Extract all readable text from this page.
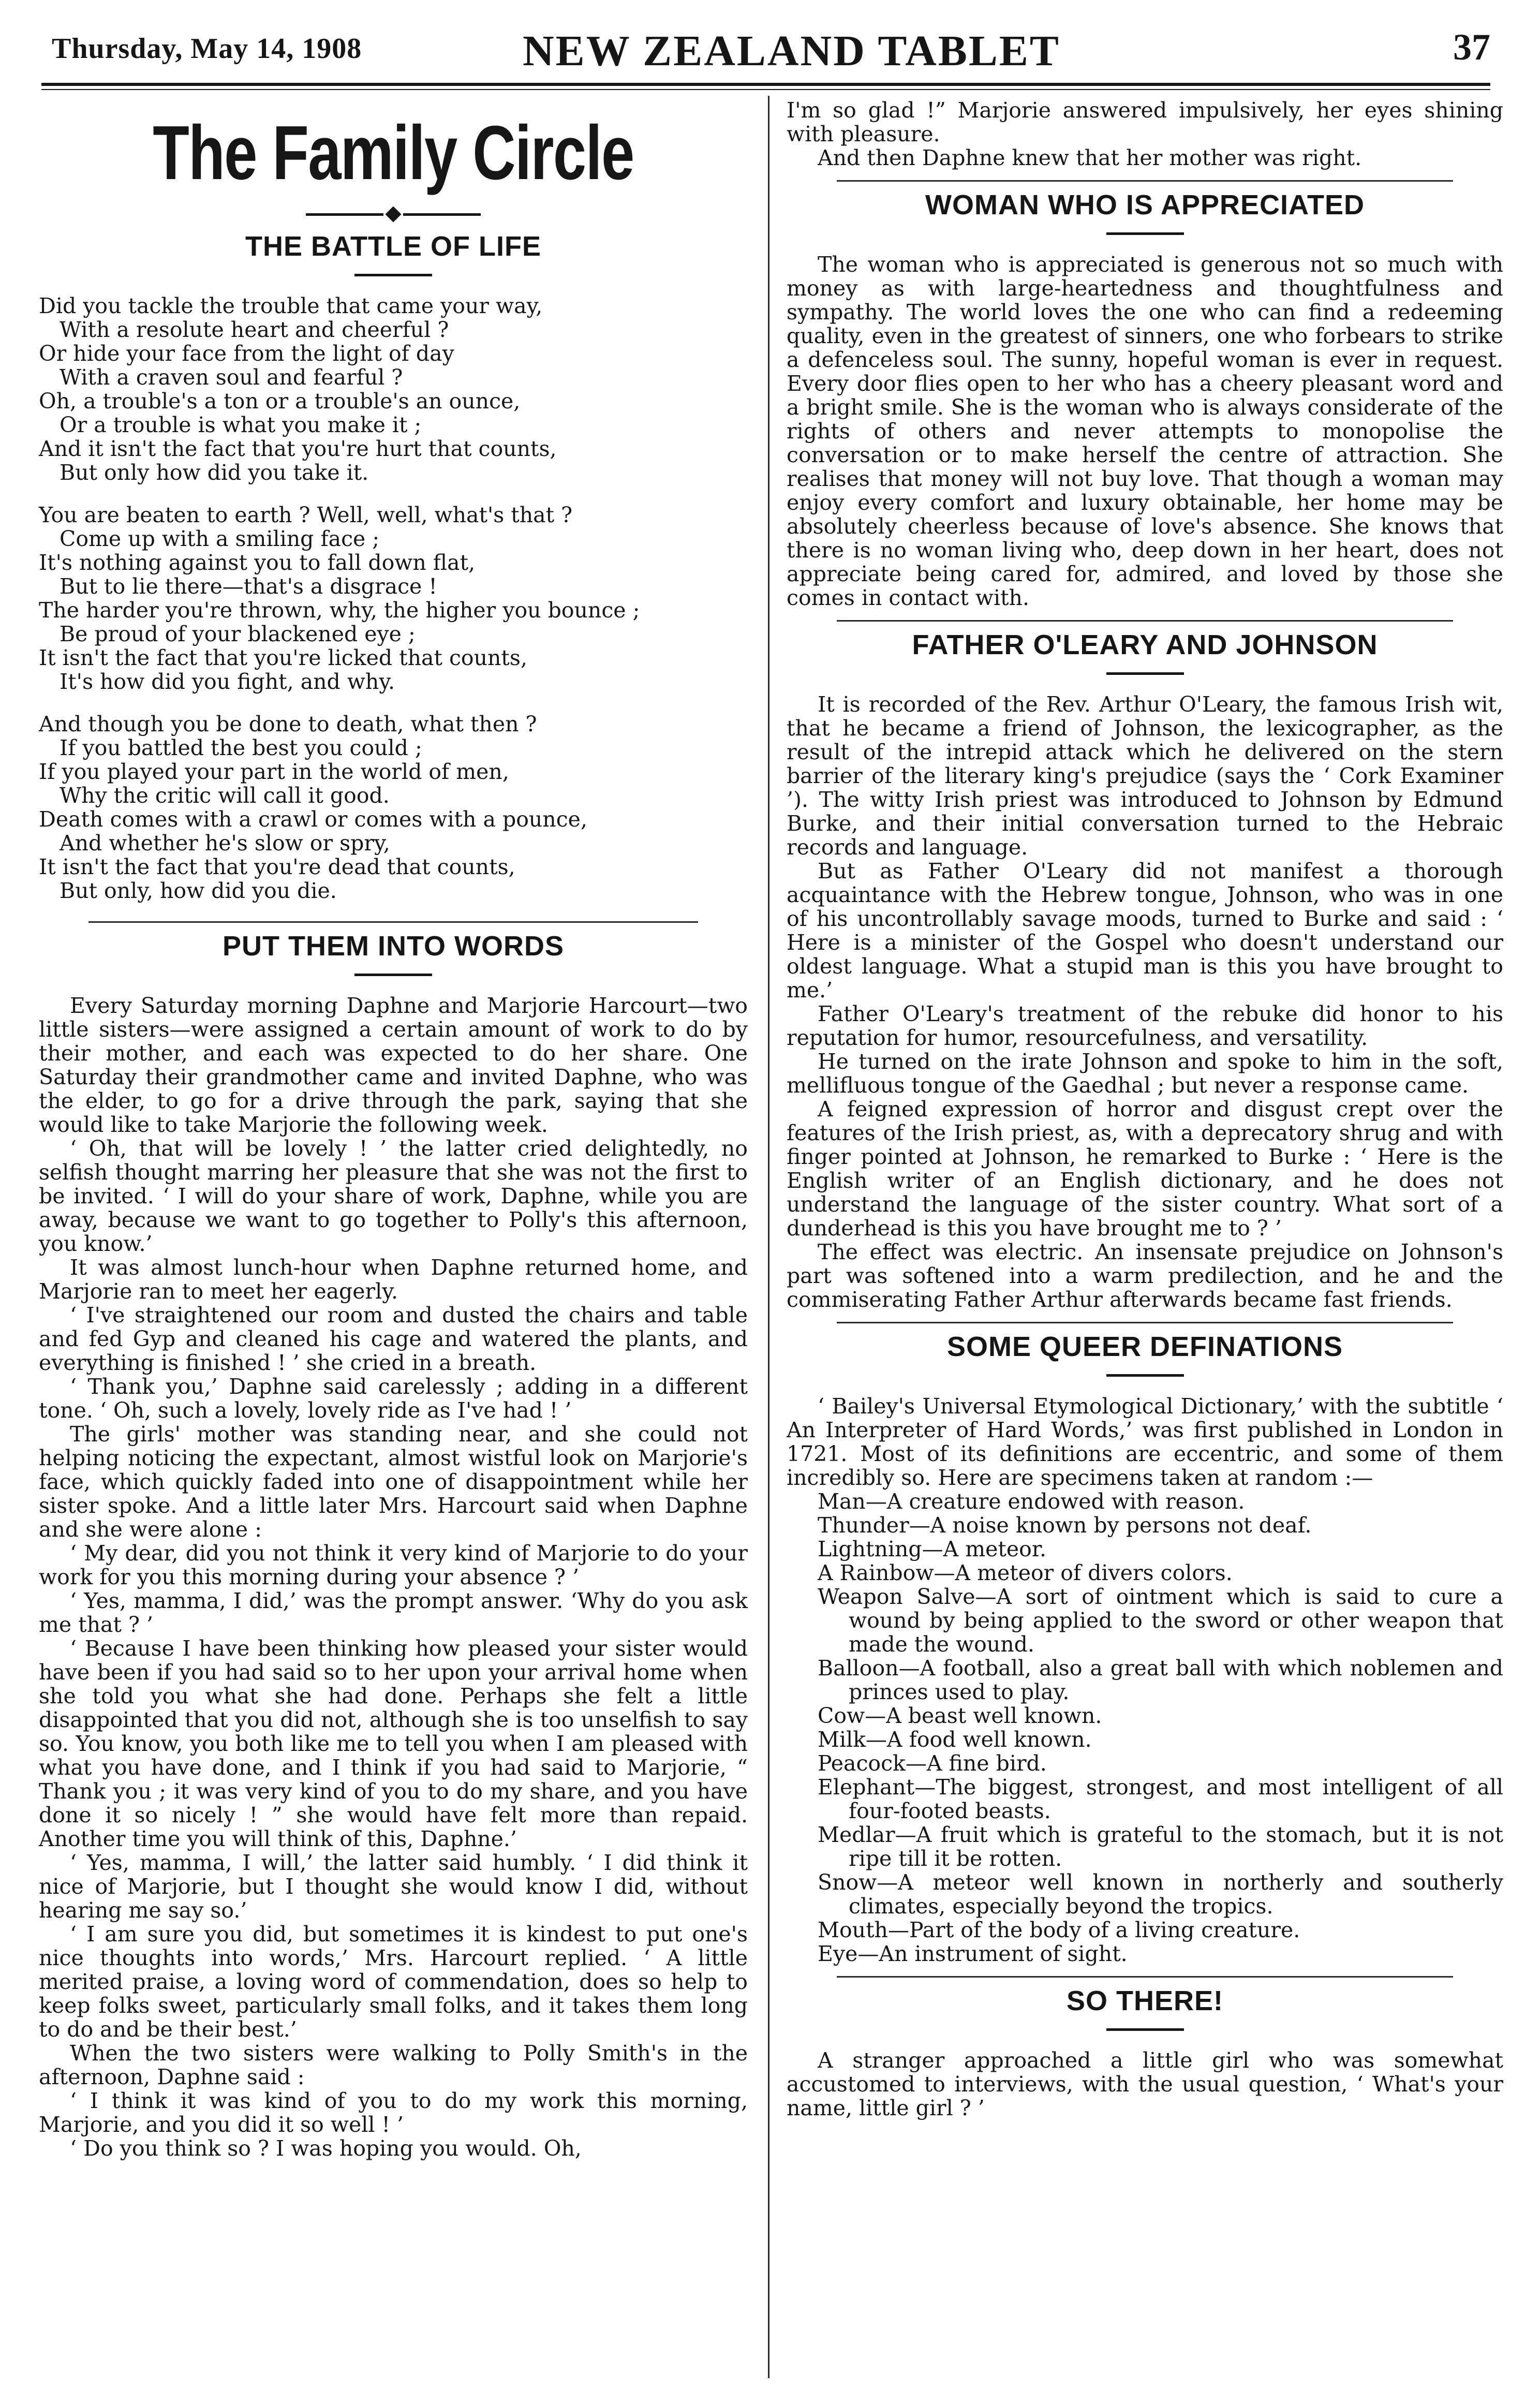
Thursday, May 14, 1908	NEW ZEALAND TABLET	37
The Family Circle
THE BATTLE OF LIFE
Did you tackle the trouble that came your way,
With a resolute heart and cheerful ?
Or hide your face from the light of day
With a craven soul and fearful ?
Oh, a trouble's a ton or a trouble's an ounce,
Or a trouble is what you make it ;
And it isn't the fact that you're hurt that counts,
But only how did you take it.
You are beaten to earth ? Well, well, what's that ?
Come up with a smiling face ;
It's nothing against you to fall down flat,
But to lie there—that's a disgrace !
The harder you're thrown, why, the higher you bounce ;
Be proud of your blackened eye ;
It isn't the fact that you're licked that counts,
It's how did you fight, and why.
And though you be done to death, what then ?
If you battled the best you could ;
If you played your part in the world of men,
Why the critic will call it good.
Death comes with a crawl or comes with a pounce,
And whether he's slow or spry,
It isn't the fact that you're dead that counts,
But only, how did you die.
PUT THEM INTO WORDS

Every Saturday morning Daphne and Marjorie Harcourt—two little sisters—were assigned a certain amount of work to do by their mother, and each was expected to do her share. One Saturday their grandmother came and invited Daphne, who was the elder, to go for a drive through the park, saying that she would like to take Marjorie the following week.

‘ Oh, that will be lovely ! ’ the latter cried delightedly, no selfish thought marring her pleasure that she was not the first to be invited. ‘ I will do your share of work, Daphne, while you are away, because we want to go together to Polly's this afternoon, you know.’

It was almost lunch-hour when Daphne returned home, and Marjorie ran to meet her eagerly.

‘ I've straightened our room and dusted the chairs and table and fed Gyp and cleaned his cage and watered the plants, and everything is finished ! ’ she cried in a breath.

‘ Thank you,’ Daphne said carelessly ; adding in a different tone. ‘ Oh, such a lovely, lovely ride as I've had ! ’

The girls' mother was standing near, and she could not helping noticing the expectant, almost wistful look on Marjorie's face, which quickly faded into one of disappointment while her sister spoke. And a little later Mrs. Harcourt said when Daphne and she were alone :

‘ My dear, did you not think it very kind of Marjorie to do your work for you this morning during your absence ? ’

‘ Yes, mamma, I did,’ was the prompt answer. ‘Why do you ask me that ? ’

‘ Because I have been thinking how pleased your sister would have been if you had said so to her upon your arrival home when she told you what she had done. Perhaps she felt a little disappointed that you did not, although she is too unselfish to say so. You know, you both like me to tell you when I am pleased with what you have done, and I think if you had said to Marjorie, “ Thank you ; it was very kind of you to do my share, and you have done it so nicely ! ” she would have felt more than repaid. Another time you will think of this, Daphne.’

‘ Yes, mamma, I will,’ the latter said humbly. ‘ I did think it nice of Marjorie, but I thought she would know I did, without hearing me say so.’

‘ I am sure you did, but sometimes it is kindest to put one's nice thoughts into words,’ Mrs. Harcourt replied. ‘ A little merited praise, a loving word of commendation, does so help to keep folks sweet, particularly small folks, and it takes them long to do and be their best.’

When the two sisters were walking to Polly Smith's in the afternoon, Daphne said :

‘ I think it was kind of you to do my work this morning, Marjorie, and you did it so well ! ’

‘ Do you think so ? I was hoping you would. Oh,

I'm so glad !” Marjorie answered impulsively, her eyes shining with pleasure.

And then Daphne knew that her mother was right.

WOMAN WHO IS APPRECIATED

The woman who is appreciated is generous not so much with money as with large-heartedness and thoughtfulness and sympathy. The world loves the one who can find a redeeming quality, even in the greatest of sinners, one who forbears to strike a defenceless soul. The sunny, hopeful woman is ever in request. Every door flies open to her who has a cheery pleasant word and a bright smile. She is the woman who is always considerate of the rights of others and never attempts to monopolise the conversation or to make herself the centre of attraction. She realises that money will not buy love. That though a woman may enjoy every comfort and luxury obtainable, her home may be absolutely cheerless because of love's absence. She knows that there is no woman living who, deep down in her heart, does not appreciate being cared for, admired, and loved by those she comes in contact with.

FATHER O'LEARY AND JOHNSON

It is recorded of the Rev. Arthur O'Leary, the famous Irish wit, that he became a friend of Johnson, the lexicographer, as the result of the intrepid attack which he delivered on the stern barrier of the literary king's prejudice (says the ‘ Cork Examiner ’). The witty Irish priest was introduced to Johnson by Edmund Burke, and their initial conversation turned to the Hebraic records and language.

But as Father O'Leary did not manifest a thorough acquaintance with the Hebrew tongue, Johnson, who was in one of his uncontrollably savage moods, turned to Burke and said : ‘ Here is a minister of the Gospel who doesn't understand our oldest language. What a stupid man is this you have brought to me.’

Father O'Leary's treatment of the rebuke did honor to his reputation for humor, resourcefulness, and versatility.

He turned on the irate Johnson and spoke to him in the soft, mellifluous tongue of the Gaedhal ; but never a response came.

A feigned expression of horror and disgust crept over the features of the Irish priest, as, with a deprecatory shrug and with finger pointed at Johnson, he remarked to Burke : ‘ Here is the English writer of an English dictionary, and he does not understand the language of the sister country. What sort of a dunderhead is this you have brought me to ? ’

The effect was electric. An insensate prejudice on Johnson's part was softened into a warm predilection, and he and the commiserating Father Arthur afterwards became fast friends.

SOME QUEER DEFINATIONS

‘ Bailey's Universal Etymological Dictionary,’ with the subtitle ‘ An Interpreter of Hard Words,’ was first published in London in 1721. Most of its definitions are eccentric, and some of them incredibly so. Here are specimens taken at random :—

Man—A creature endowed with reason.

Thunder—A noise known by persons not deaf.

Lightning—A meteor.

A Rainbow—A meteor of divers colors.

Weapon Salve—A sort of ointment which is said to cure a wound by being applied to the sword or other weapon that made the wound.

Balloon—A football, also a great ball with which noblemen and princes used to play.

Cow—A beast well known.

Milk—A food well known.

Peacock—A fine bird.

Elephant—The biggest, strongest, and most intelligent of all four-footed beasts.

Medlar—A fruit which is grateful to the stomach, but it is not ripe till it be rotten.

Snow—A meteor well known in northerly and southerly climates, especially beyond the tropics.

Mouth—Part of the body of a living creature.

Eye—An instrument of sight.

SO THERE!

A stranger approached a little girl who was somewhat accustomed to interviews, with the usual question, ‘ What's your name, little girl ? ’
